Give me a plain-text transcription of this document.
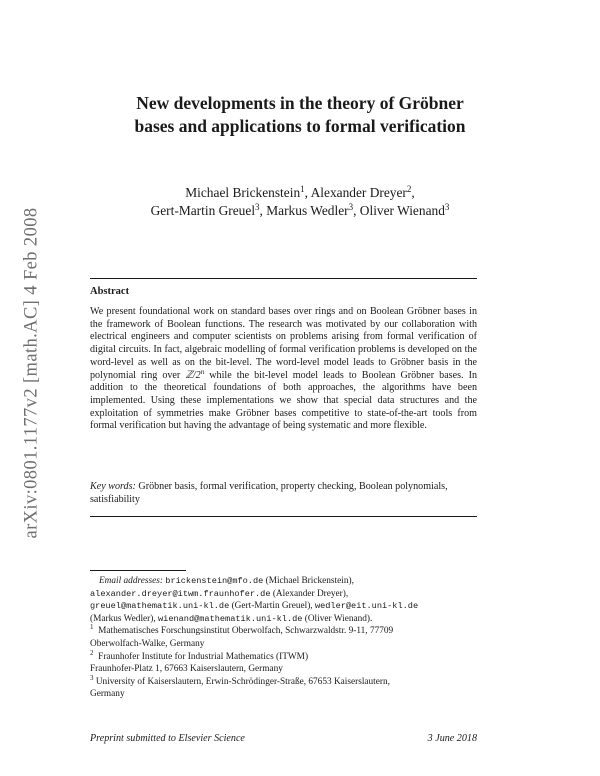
arXiv:0801.1177v2 [math.AC] 4 Feb 2008
New developments in the theory of Gröbner
bases and applications to formal verification
Michael Brickenstein$^1$, Alexander Dreyer$^2$,
Gert-Martin Greuel$^3$, Markus Wedler$^3$, Oliver Wienand$^3$
Abstract
We present foundational work on standard bases over rings and on Boolean Gröbner bases in the framework of Boolean functions. The research was motivated by our collaboration with electrical engineers and computer scientists on problems arising from formal verification of digital circuits. In fact, algebraic modelling of formal verification problems is developed on the word-level as well as on the bit-level. The word-level model leads to Gröbner basis in the polynomial ring over ℤ/2$^n$ while the bit-level model leads to Boolean Gröbner bases. In addition to the theoretical foundations of both approaches, the algorithms have been implemented. Using these implementations we show that special data structures and the exploitation of symmetries make Gröbner bases competitive to state-of-the-art tools from formal verification but having the advantage of being systematic and more flexible.
Key words: Gröbner basis, formal verification, property checking, Boolean polynomials, satisfiability
Email addresses: brickenstein@mfo.de (Michael Brickenstein),
alexander.dreyer@itwm.fraunhofer.de (Alexander Dreyer),
greuel@mathematik.uni-kl.de (Gert-Martin Greuel), wedler@eit.uni-kl.de
(Markus Wedler), wienand@mathematik.uni-kl.de (Oliver Wienand).
$^1$ Mathematisches Forschungsinstitut Oberwolfach, Schwarzwaldstr. 9-11, 77709
Oberwolfach-Walke, Germany
$^2$ Fraunhofer Institute for Industrial Mathematics (ITWM)
Fraunhofer-Platz 1, 67663 Kaiserslautern, Germany
$^3$ University of Kaiserslautern, Erwin-Schrödinger-Straße, 67653 Kaiserslautern,
Germany
Preprint submitted to Elsevier Science	3 June 2018
